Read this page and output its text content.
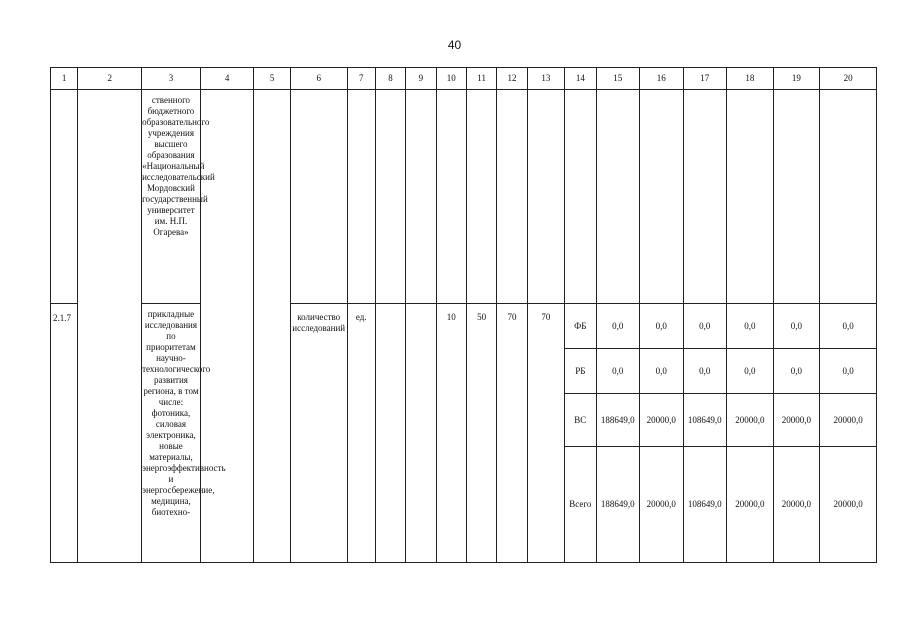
40
1	2	3	4	5	6	7	8	9	10	11	12	13	14	15	16	17	18	19	20
		ственного бюджетного образовательного учреждения высшего образования «Национальный исследовательский Мордовский государственный университет им. Н.П. Огарева»																	
2.1.7		прикладные исследования по приоритетам научно-технологического развития региона, в том числе: фотоника, силовая электроника, новые материалы, энергоэффективность и энергосбережение, медицина, биотехно-			количество исследований	ед.			10	50	70	70	ФБ	0,0	0,0	0,0	0,0	0,0	0,0
													РБ	0,0	0,0	0,0	0,0	0,0	0,0
													ВС	188649,0	20000,0	108649,0	20000,0	20000,0	20000,0
													Всего	188649,0	20000,0	108649,0	20000,0	20000,0	20000,0
